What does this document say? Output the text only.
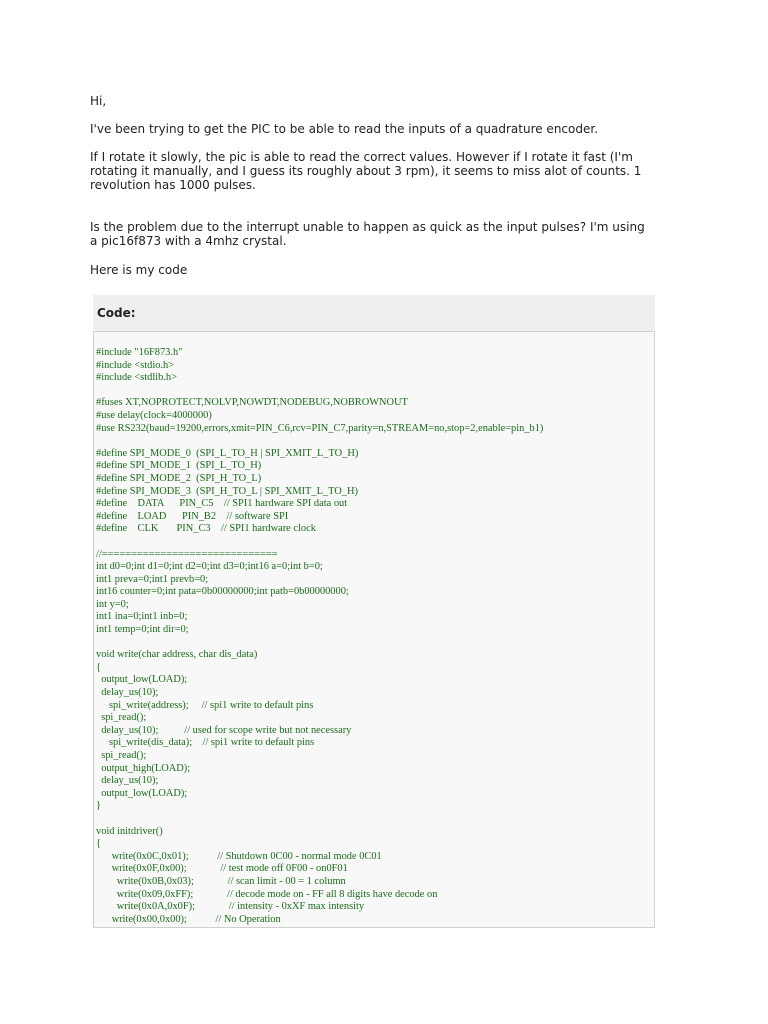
Hi,

I've been trying to get the PIC to be able to read the inputs of a quadrature encoder.

If I rotate it slowly, the pic is able to read the correct values. However if I rotate it fast (I'm rotating it manually, and I guess its roughly about 3 rpm), it seems to miss alot of counts. 1 revolution has 1000 pulses.

Is the problem due to the interrupt unable to happen as quick as the input pulses? I'm using a pic16f873 with a 4mhz crystal.

Here is my code

Code:
#include "16F873.h"
#include <stdio.h>
#include <stdlib.h>

#fuses XT,NOPROTECT,NOLVP,NOWDT,NODEBUG,NOBROWNOUT
#use delay(clock=4000000)
#use RS232(baud=19200,errors,xmit=PIN_C6,rcv=PIN_C7,parity=n,STREAM=no,stop=2,enable=pin_b1)

#define SPI_MODE_0  (SPI_L_TO_H | SPI_XMIT_L_TO_H)
#define SPI_MODE_1  (SPI_L_TO_H)
#define SPI_MODE_2  (SPI_H_TO_L)
#define SPI_MODE_3  (SPI_H_TO_L | SPI_XMIT_L_TO_H)
#define    DATA      PIN_C5    // SPI1 hardware SPI data out
#define    LOAD      PIN_B2    // software SPI
#define    CLK       PIN_C3    // SPI1 hardware clock

//==============================
int d0=0;int d1=0;int d2=0;int d3=0;int16 a=0;int b=0;
int1 preva=0;int1 prevb=0;
int16 counter=0;int pata=0b00000000;int patb=0b00000000;
int y=0;
int1 ina=0;int1 inb=0;
int1 temp=0;int dir=0;

void write(char address, char dis_data)
{
output_low(LOAD);
delay_us(10);
spi_write(address);     // spi1 write to default pins
spi_read();
delay_us(10);          // used for scope write but not necessary
spi_write(dis_data);    // spi1 write to default pins
spi_read();
output_high(LOAD);
delay_us(10);
output_low(LOAD);
}

void initdriver()
{
write(0x0C,0x01);           // Shutdown 0C00 - normal mode 0C01
write(0x0F,0x00);             // test mode off 0F00 - on0F01
write(0x0B,0x03);             // scan limit - 00 = 1 column
write(0x09,0xFF);             // decode mode on - FF all 8 digits have decode on
write(0x0A,0x0F);             // intensity - 0xXF max intensity
write(0x00,0x00);           // No Operation
